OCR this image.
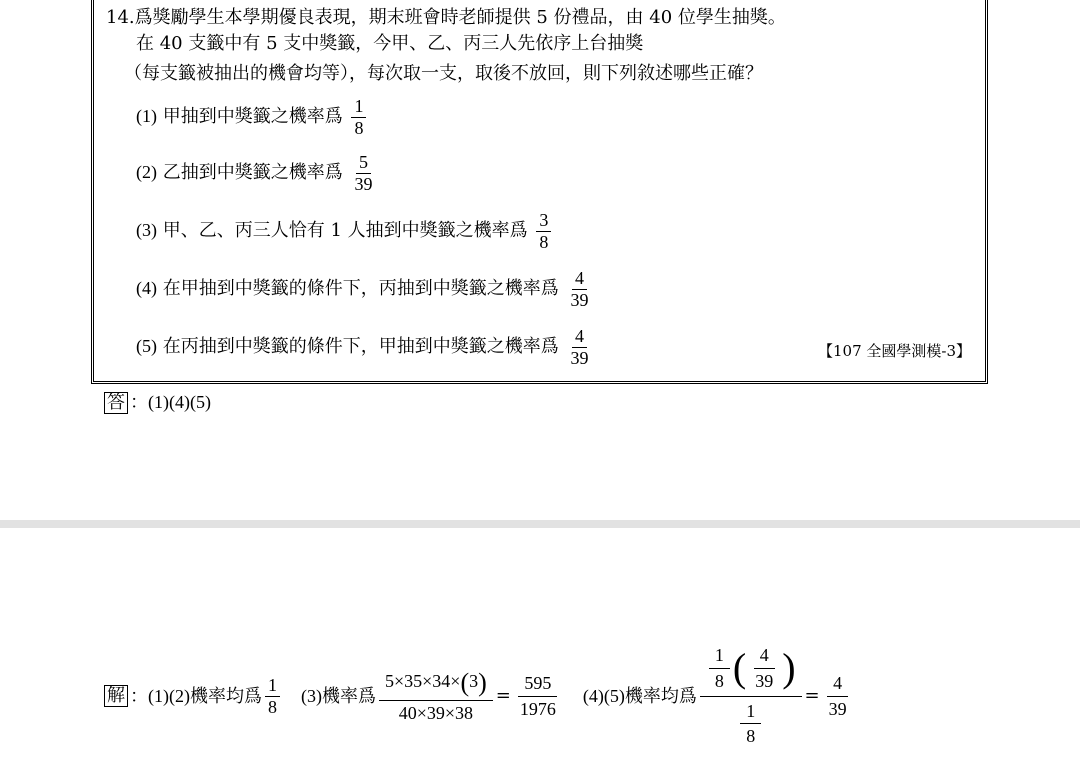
14.爲獎勵學生本學期優良表現，期末班會時老師提供 5 份禮品，由 40 位學生抽獎。
在 40 支籤中有 5 支中獎籤，今甲、乙、丙三人先依序上台抽獎
（每支籤被抽出的機會均等），每次取一支，取後不放回，則下列敘述哪些正確？
(1) 甲抽到中獎籤之機率爲 $\frac{1}{8}$
(2) 乙抽到中獎籤之機率爲 $\frac{5}{39}$
(3) 甲、乙、丙三人恰有 1 人抽到中獎籤之機率爲 $\frac{3}{8}$
(4) 在甲抽到中獎籤的條件下，丙抽到中獎籤之機率爲 $\frac{4}{39}$
(5) 在丙抽到中獎籤的條件下，甲抽到中獎籤之機率爲 $\frac{4}{39}$	【107 全國學測模-3】
答 ：(1)(4)(5)
解 ：(1)(2)機率均爲 $\frac{1}{8} (3)$機率爲 $\frac{5\times 35\times 34\times(3)}{40\times 39\times 38} = \frac{595}{1976} (4)(5)$機率均爲
$\frac{1}{8}$ ( $\frac{4}{39}$ )
$\frac{1}{8}$
= $\frac{4}{39}$
